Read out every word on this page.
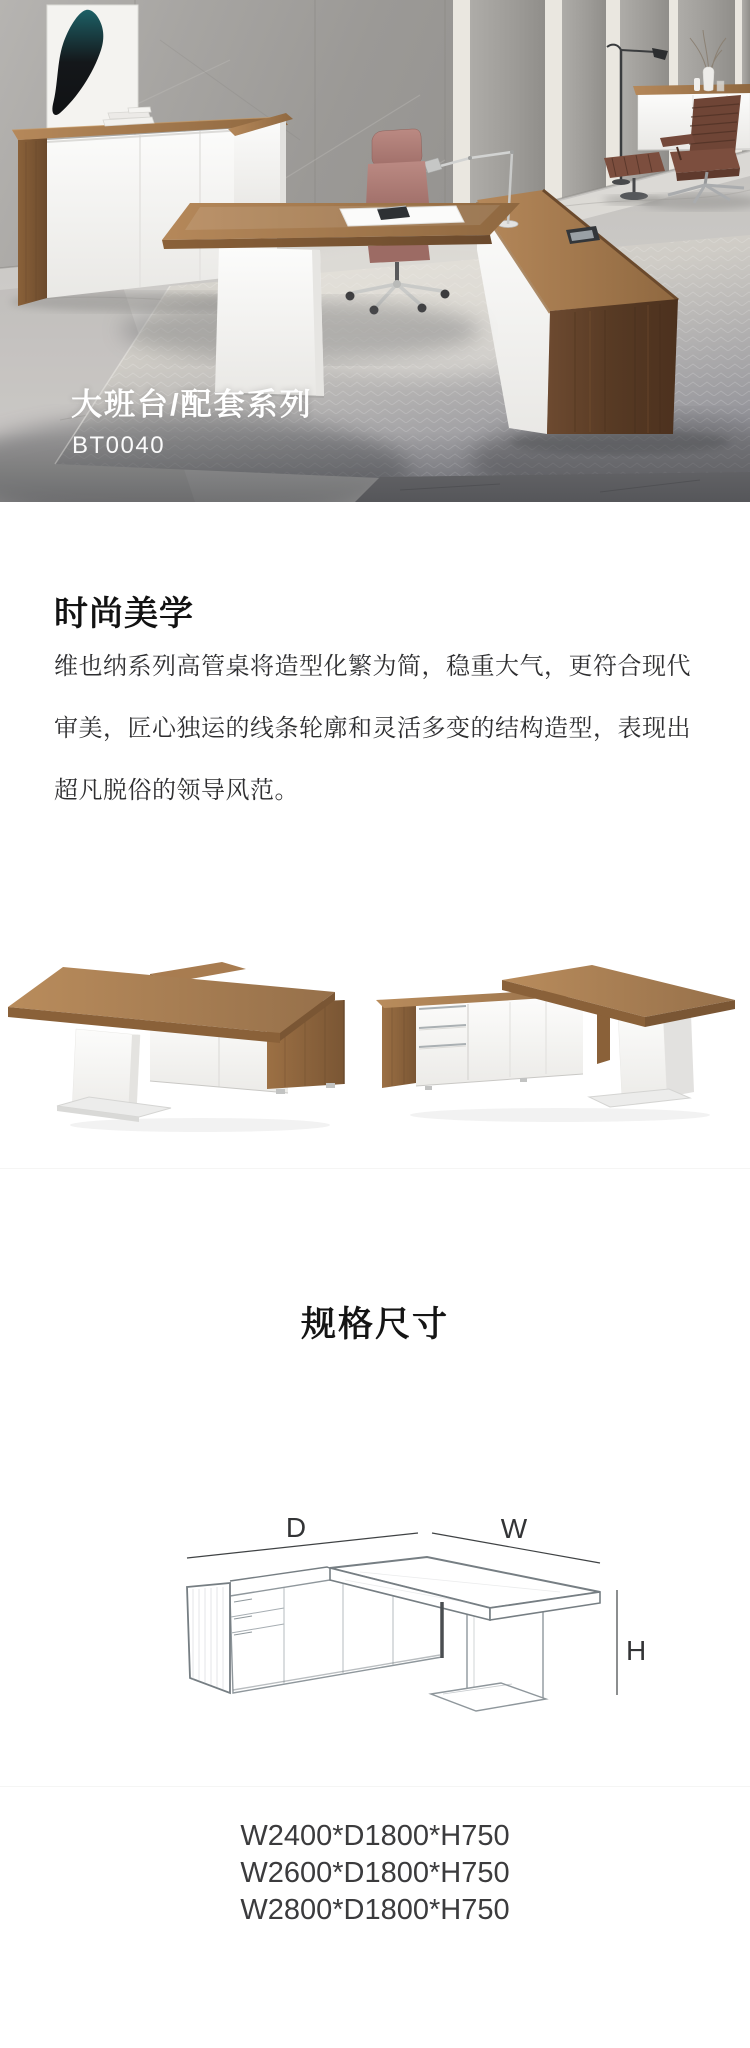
大班台/配套系列
BT0040
时尚美学
维也纳系列高管桌将造型化繁为简，稳重大气，更符合现代
审美，匠心独运的线条轮廓和灵活多变的结构造型，表现出
超凡脱俗的领导风范。
规格尺寸
D	W
H
W2400*D1800*H750
W2600*D1800*H750
W2800*D1800*H750
